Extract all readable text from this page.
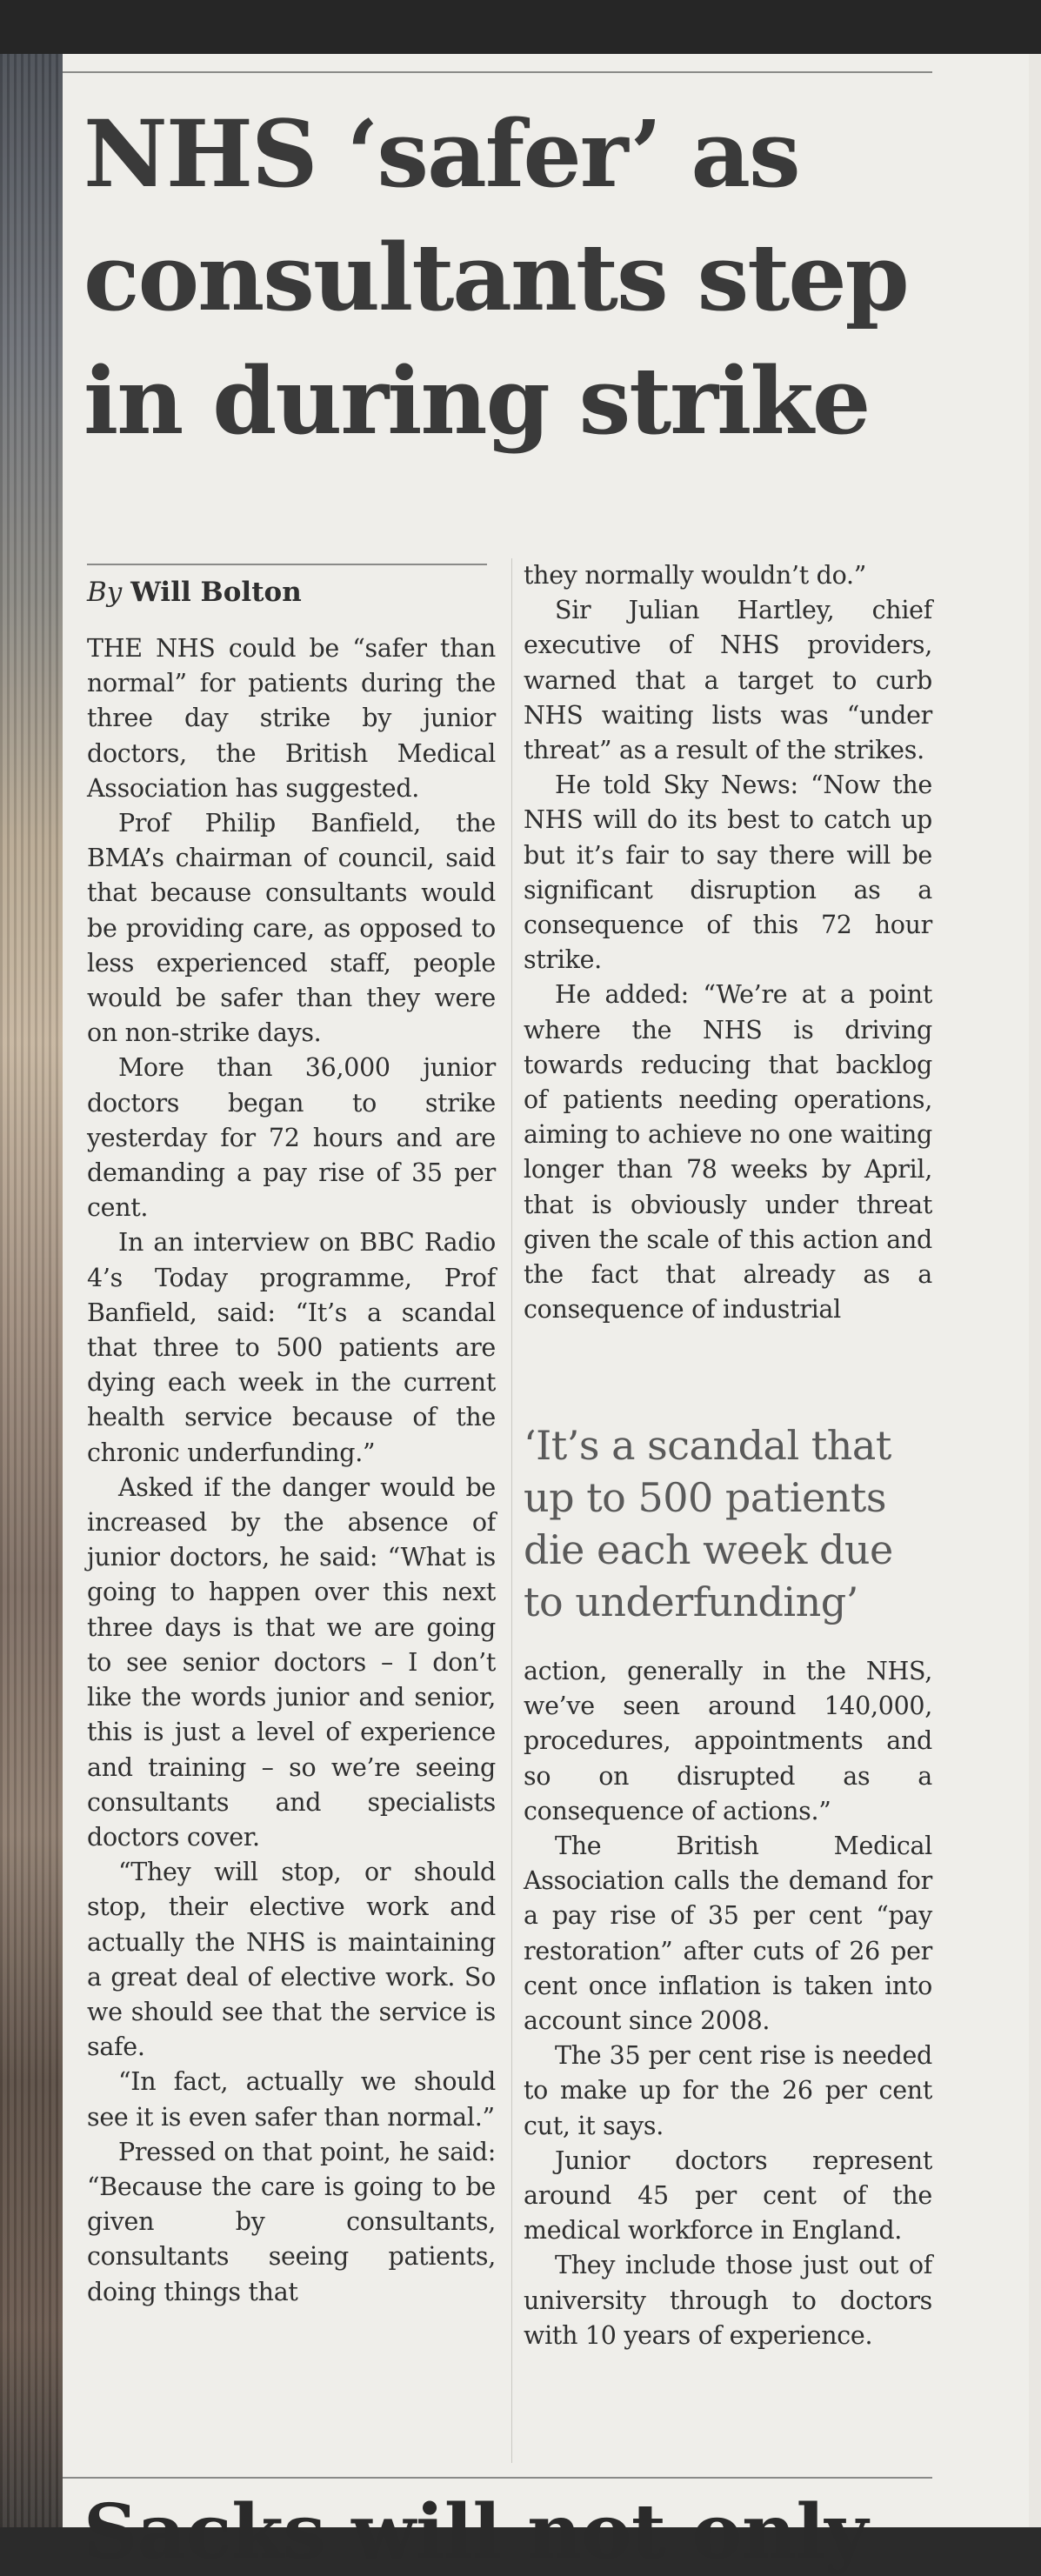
NHS ‘safer’ as
consultants step
in during strike
By Will Bolton

THE NHS could be “safer than normal” for patients during the three day strike by junior doctors, the British Medical Association has suggested.

Prof Philip Banfield, the BMA’s chairman of council, said that because consultants would be providing care, as opposed to less experienced staff, people would be safer than they were on non-strike days.

More than 36,000 junior doctors began to strike yesterday for 72 hours and are demanding a pay rise of 35 per cent.

In an interview on BBC Radio 4’s Today programme, Prof Banfield, said: “It’s a scandal that three to 500 patients are dying each week in the current health service because of the chronic underfunding.”

Asked if the danger would be increased by the absence of junior doctors, he said: “What is going to happen over this next three days is that we are going to see senior doctors – I don’t like the words junior and senior, this is just a level of experience and training – so we’re seeing consultants and specialists doctors cover.

“They will stop, or should stop, their elective work and actually the NHS is maintaining a great deal of elective work. So we should see that the service is safe.

“In fact, actually we should see it is even safer than normal.”

Pressed on that point, he said: “Because the care is going to be given by consultants, consultants seeing patients, doing things that

they normally wouldn’t do.”

Sir Julian Hartley, chief executive of NHS providers, warned that a target to curb NHS waiting lists was “under threat” as a result of the strikes.

He told Sky News: “Now the NHS will do its best to catch up but it’s fair to say there will be significant disruption as a consequence of this 72 hour strike.

He added: “We’re at a point where the NHS is driving towards reducing that backlog of patients needing operations, aiming to achieve no one waiting longer than 78 weeks by April, that is obviously under threat given the scale of this action and the fact that already as a consequence of industrial

‘It’s a scandal that up to 500 patients die each week due to underfunding’

action, generally in the NHS, we’ve seen around 140,000, procedures, appointments and so on disrupted as a consequence of actions.”

The British Medical Association calls the demand for a pay rise of 35 per cent “pay restoration” after cuts of 26 per cent once inflation is taken into account since 2008.

The 35 per cent rise is needed to make up for the 26 per cent cut, it says.

Junior doctors represent around 45 per cent of the medical workforce in England.

They include those just out of university through to doctors with 10 years of experience.

Sacks will not only
